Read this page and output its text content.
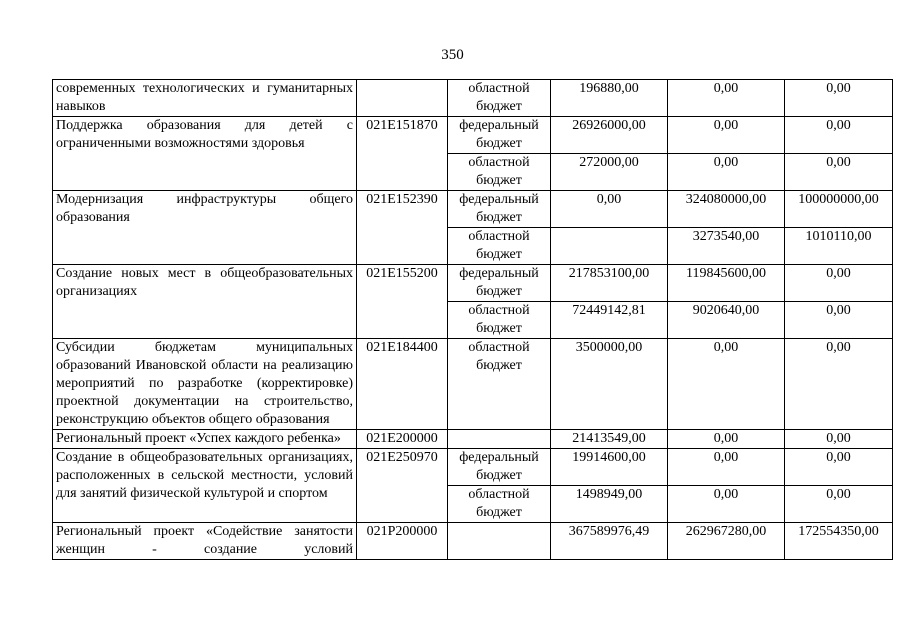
350
современных технологических и гуманитарных навыков		областной бюджет	196880,00	0,00	0,00

Поддержка образования для детей с ограниченными возможностями здоровья	021E151870	федеральный бюджет	26926000,00	0,00	0,00
		областной бюджет	272000,00	0,00	0,00

Модернизация инфраструктуры общего образования	021E152390	федеральный бюджет	0,00	324080000,00	100000000,00
		областной бюджет		3273540,00	1010110,00

Создание новых мест в общеобразовательных организациях	021E155200	федеральный бюджет	217853100,00	119845600,00	0,00
		областной бюджет	72449142,81	9020640,00	0,00

Субсидии бюджетам муниципальных образований Ивановской области на реализацию мероприятий по разработке (корректировке) проектной документации на строительство, реконструкцию объектов общего образования	021E184400	областной бюджет	3500000,00	0,00	0,00

Региональный проект «Успех каждого ребенка»	021E200000		21413549,00	0,00	0,00

Создание в общеобразовательных организациях, расположенных в сельской местности, условий для занятий физической культурой и спортом	021E250970	федеральный бюджет	19914600,00	0,00	0,00
		областной бюджет	1498949,00	0,00	0,00

Региональный проект «Содействие занятости женщин - создание условий	021P200000		367589976,49	262967280,00	172554350,00
